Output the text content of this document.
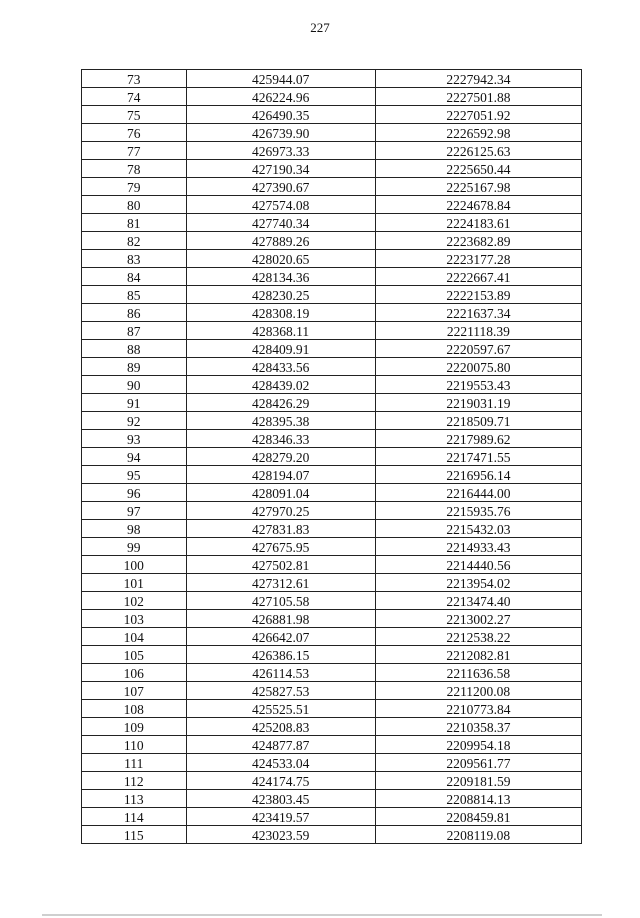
227
73	425944.07	2227942.34
74	426224.96	2227501.88
75	426490.35	2227051.92
76	426739.90	2226592.98
77	426973.33	2226125.63
78	427190.34	2225650.44
79	427390.67	2225167.98
80	427574.08	2224678.84
81	427740.34	2224183.61
82	427889.26	2223682.89
83	428020.65	2223177.28
84	428134.36	2222667.41
85	428230.25	2222153.89
86	428308.19	2221637.34
87	428368.11	2221118.39
88	428409.91	2220597.67
89	428433.56	2220075.80
90	428439.02	2219553.43
91	428426.29	2219031.19
92	428395.38	2218509.71
93	428346.33	2217989.62
94	428279.20	2217471.55
95	428194.07	2216956.14
96	428091.04	2216444.00
97	427970.25	2215935.76
98	427831.83	2215432.03
99	427675.95	2214933.43
100	427502.81	2214440.56
101	427312.61	2213954.02
102	427105.58	2213474.40
103	426881.98	2213002.27
104	426642.07	2212538.22
105	426386.15	2212082.81
106	426114.53	2211636.58
107	425827.53	2211200.08
108	425525.51	2210773.84
109	425208.83	2210358.37
110	424877.87	2209954.18
111	424533.04	2209561.77
112	424174.75	2209181.59
113	423803.45	2208814.13
114	423419.57	2208459.81
115	423023.59	2208119.08
